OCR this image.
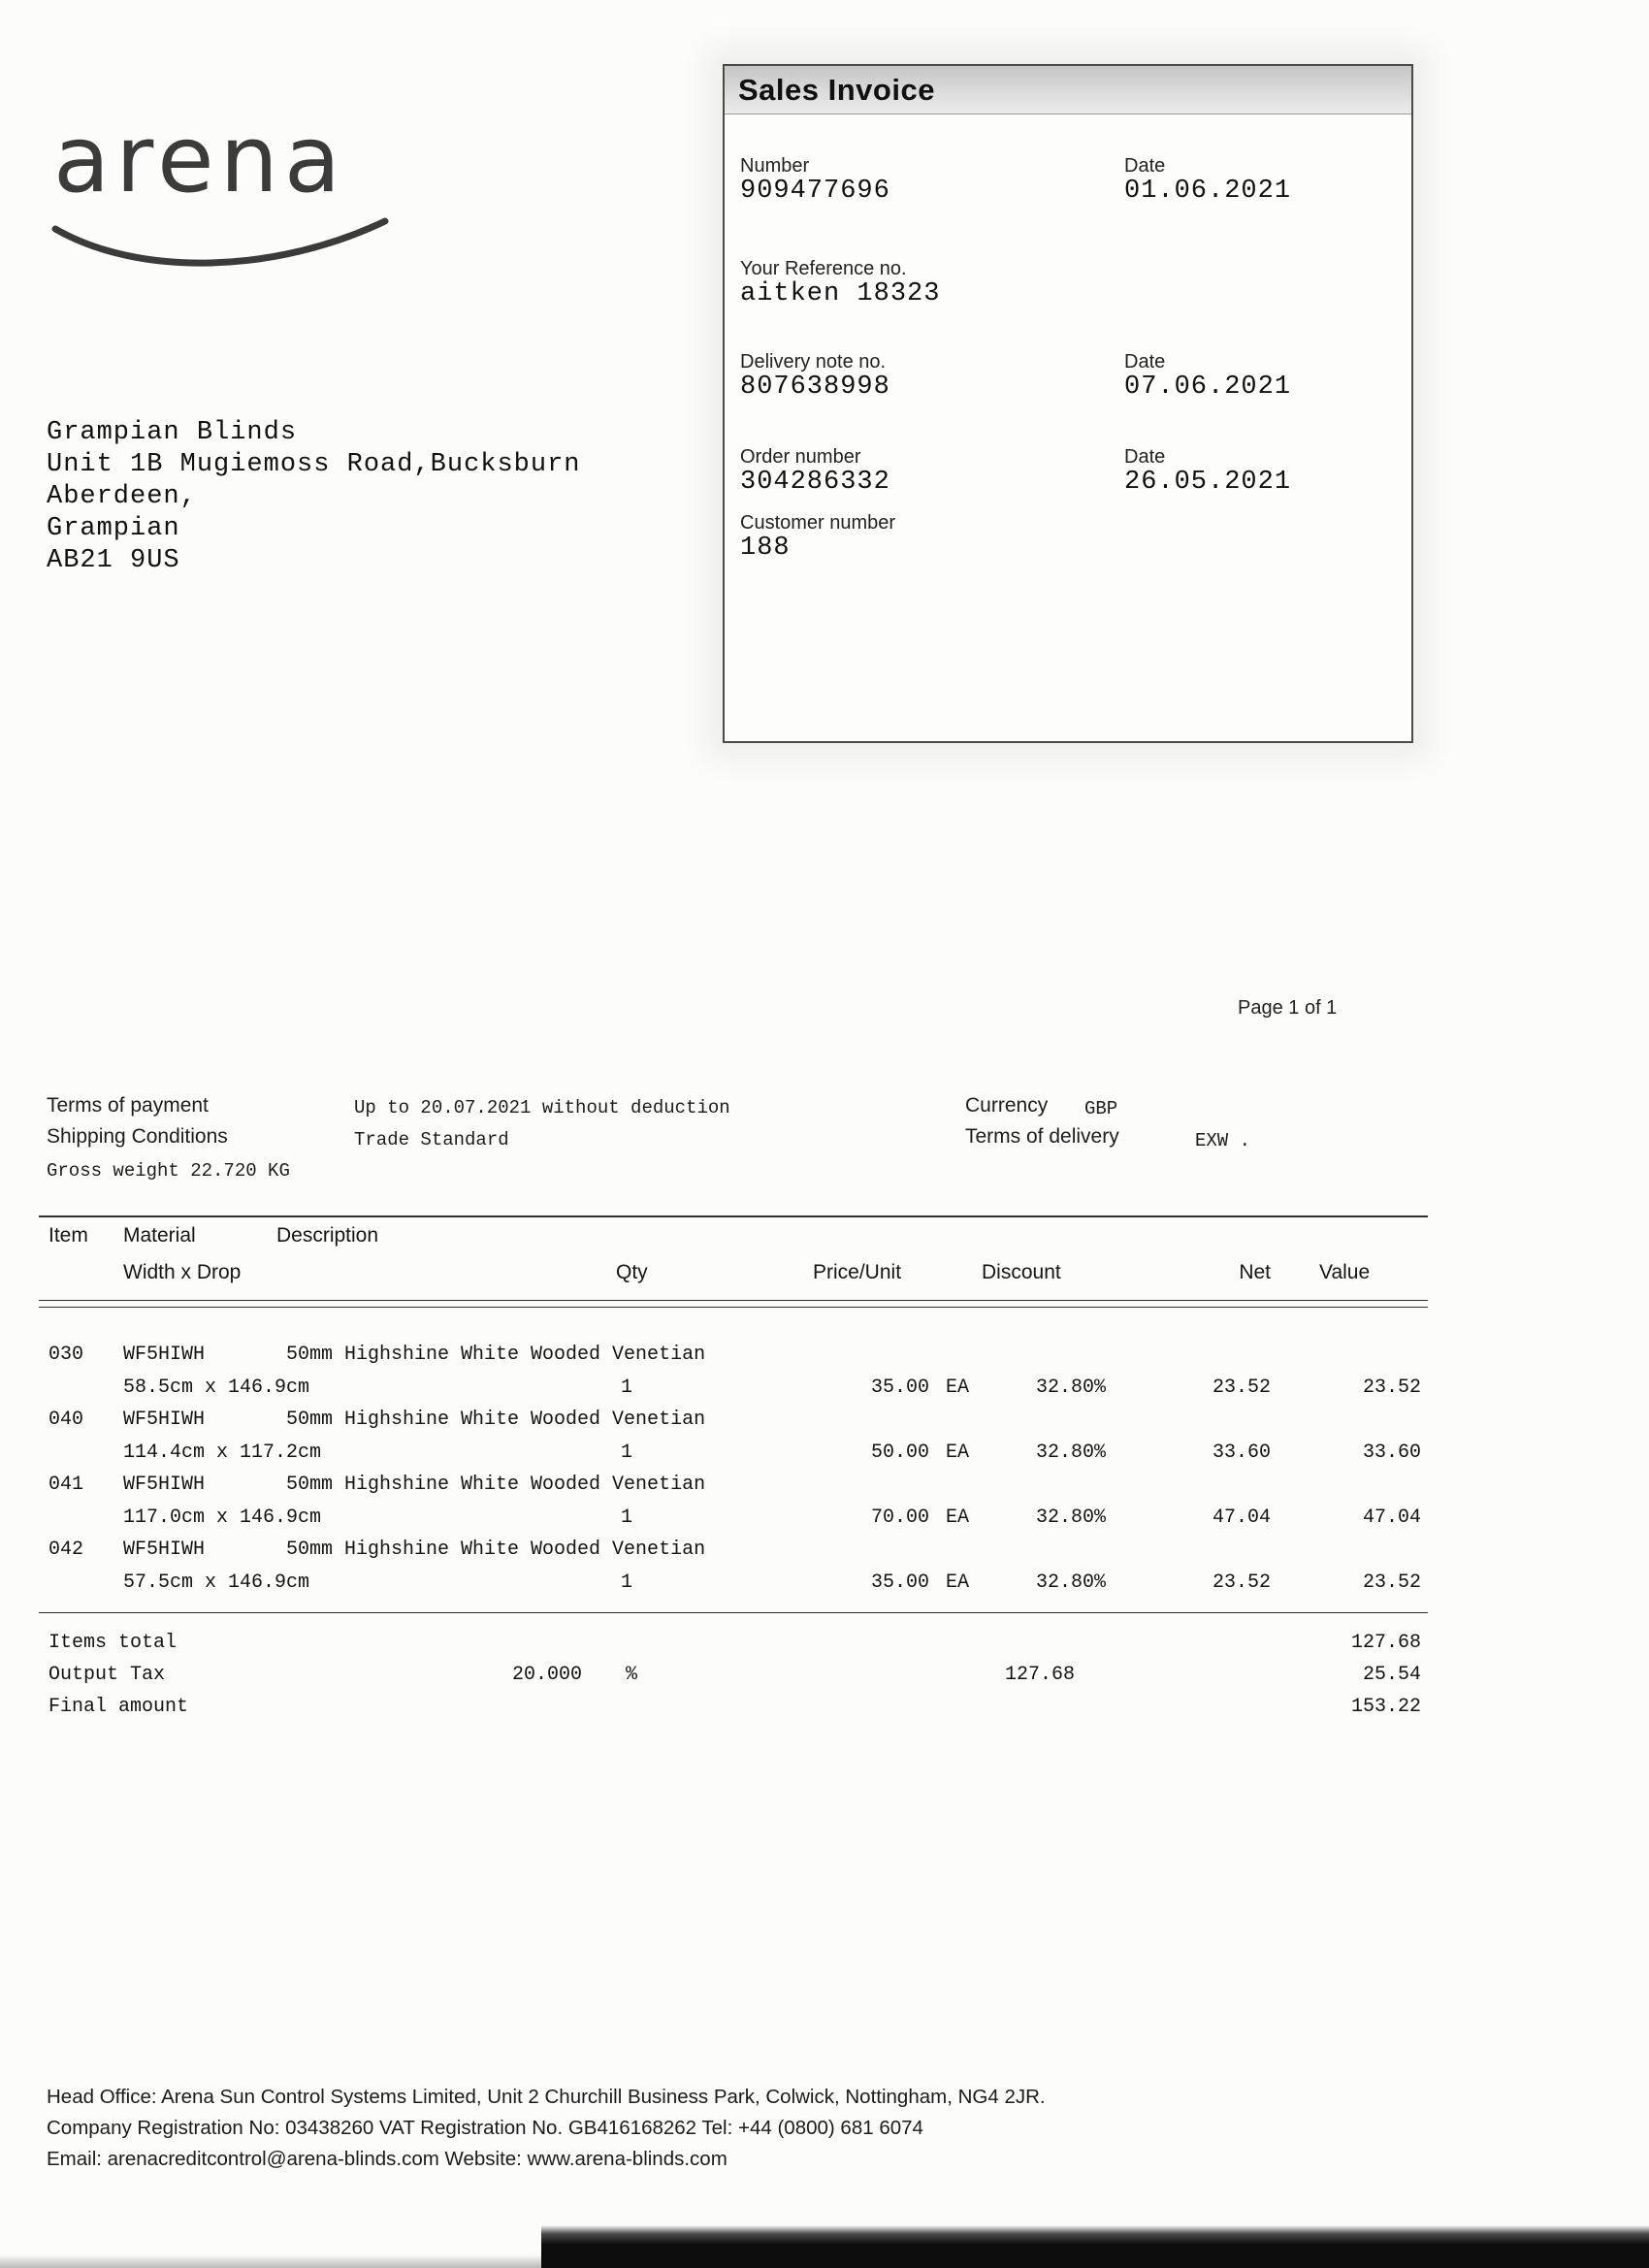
arena
Sales Invoice
Number
909477696
Date
01.06.2021
Your Reference no.
aitken 18323
Delivery note no.
807638998
Date
07.06.2021
Order number
304286332
Date
26.05.2021
Customer number
188
Grampian Blinds
Unit 1B Mugiemoss Road,Bucksburn
Aberdeen,
Grampian
AB21 9US
Page 1 of 1
Terms of payment	Up to 20.07.2021 without deduction
Shipping Conditions	Trade Standard
Gross weight 22.720 KG
Currency GBP
Terms of delivery	EXW .
Item Material	Description
Width x Drop	Qty	Price/Unit	Discount	Net Value
030 WF5HIWH	50mm Highshine White Wooded Venetian
58.5cm x 146.9cm	1	35.00 EA	32.80%	23.52	23.52
040 WF5HIWH	50mm Highshine White Wooded Venetian
114.4cm x 117.2cm	1	50.00 EA	32.80%	33.60	33.60
041 WF5HIWH	50mm Highshine White Wooded Venetian
117.0cm x 146.9cm	1	70.00 EA	32.80%	47.04	47.04
042 WF5HIWH	50mm Highshine White Wooded Venetian
57.5cm x 146.9cm	1	35.00 EA	32.80%	23.52	23.52
Items total	127.68
Output Tax	20.000 %	127.68	25.54
Final amount	153.22
Head Office: Arena Sun Control Systems Limited, Unit 2 Churchill Business Park, Colwick, Nottingham, NG4 2JR.
Company Registration No: 03438260 VAT Registration No. GB416168262 Tel: +44 (0800) 681 6074
Email: arenacreditcontrol@arena-blinds.com Website: www.arena-blinds.com
